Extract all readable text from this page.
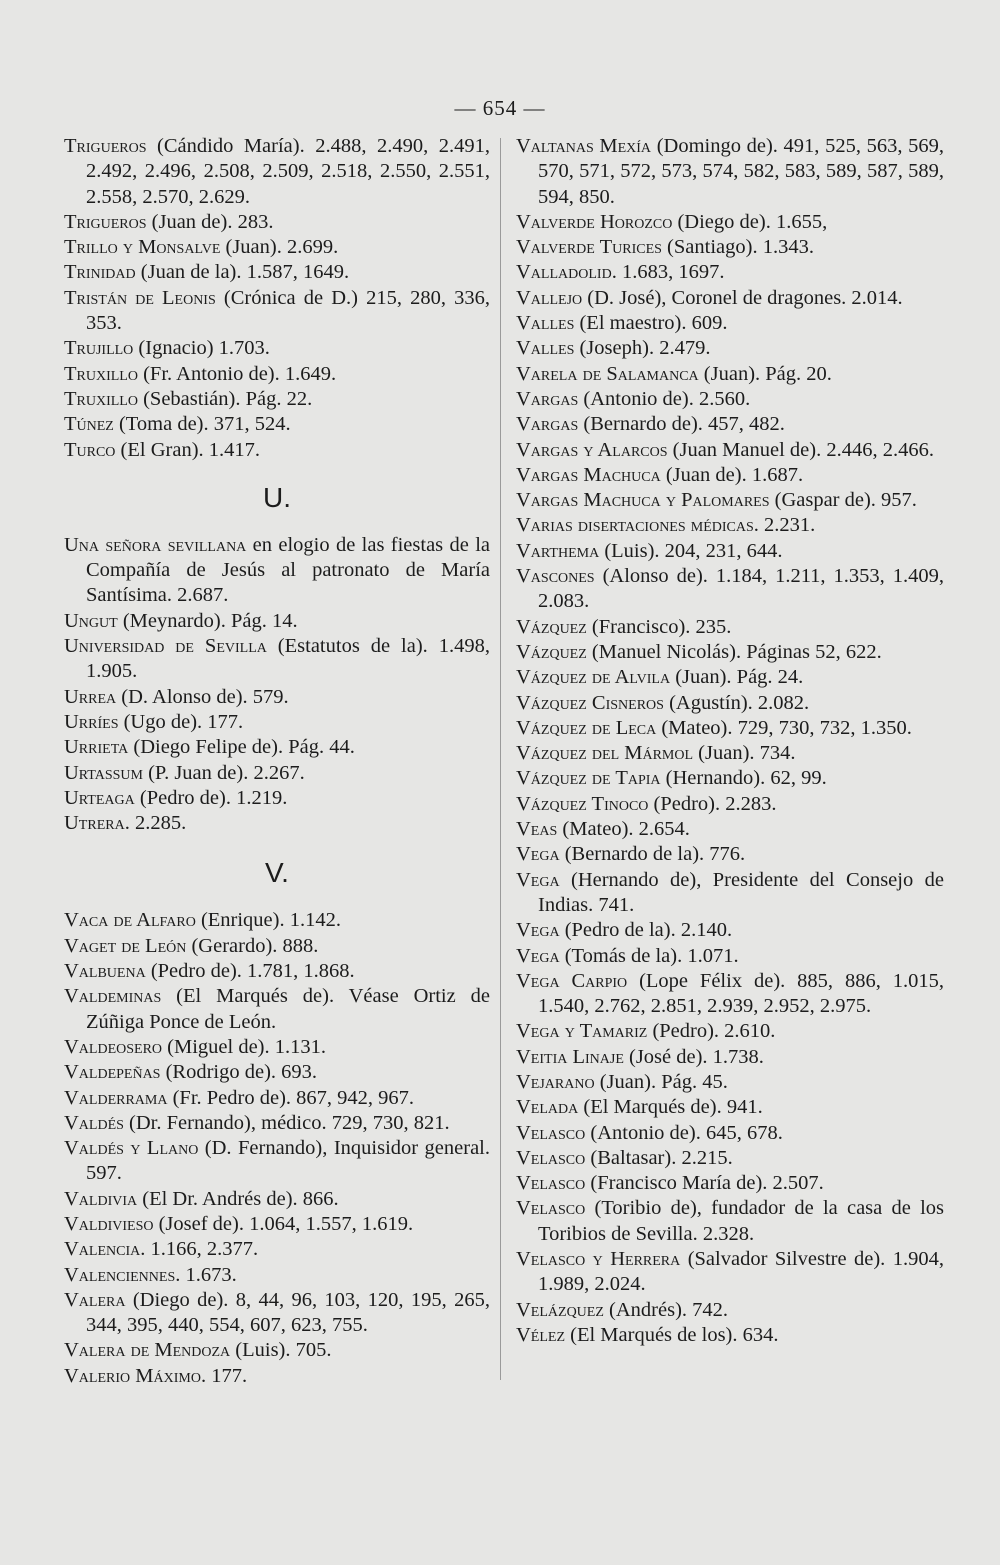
— 654 —

Trigueros (Cándido María). 2.488, 2.490, 2.491, 2.492, 2.496, 2.508, 2.509, 2.518, 2.550, 2.551, 2.558, 2.570, 2.629.

Trigueros (Juan de). 283.

Trillo y Monsalve (Juan). 2.699.

Trinidad (Juan de la). 1.587, 1649.

Tristán de Leonis (Crónica de D.) 215, 280, 336, 353.

Trujillo (Ignacio) 1.703.

Truxillo (Fr. Antonio de). 1.649.

Truxillo (Sebastián). Pág. 22.

Túnez (Toma de). 371, 524.

Turco (El Gran). 1.417.

U.

Una señora sevillana en elogio de las fiestas de la Compañía de Jesús al patronato de María Santísima. 2.687.

Ungut (Meynardo). Pág. 14.

Universidad de Sevilla (Estatutos de la). 1.498, 1.905.

Urrea (D. Alonso de). 579.

Urríes (Ugo de). 177.

Urrieta (Diego Felipe de). Pág. 44.

Urtassum (P. Juan de). 2.267.

Urteaga (Pedro de). 1.219.

Utrera. 2.285.

V.

Vaca de Alfaro (Enrique). 1.142.

Vaget de León (Gerardo). 888.

Valbuena (Pedro de). 1.781, 1.868.

Valdeminas (El Marqués de). Véase Ortiz de Zúñiga Ponce de León.

Valdeosero (Miguel de). 1.131.

Valdepeñas (Rodrigo de). 693.

Valderrama (Fr. Pedro de). 867, 942, 967.

Valdés (Dr. Fernando), médico. 729, 730, 821.

Valdés y Llano (D. Fernando), Inquisidor general. 597.

Valdivia (El Dr. Andrés de). 866.

Valdivieso (Josef de). 1.064, 1.557, 1.619.

Valencia. 1.166, 2.377.

Valenciennes. 1.673.

Valera (Diego de). 8, 44, 96, 103, 120, 195, 265, 344, 395, 440, 554, 607, 623, 755.

Valera de Mendoza (Luis). 705.

Valerio Máximo. 177.

Valtanas Mexía (Domingo de). 491, 525, 563, 569, 570, 571, 572, 573, 574, 582, 583, 589, 587, 589, 594, 850.

Valverde Horozco (Diego de). 1.655,

Valverde Turices (Santiago). 1.343.

Valladolid. 1.683, 1697.

Vallejo (D. José), Coronel de dragones. 2.014.

Valles (El maestro). 609.

Valles (Joseph). 2.479.

Varela de Salamanca (Juan). Pág. 20.

Vargas (Antonio de). 2.560.

Vargas (Bernardo de). 457, 482.

Vargas y Alarcos (Juan Manuel de). 2.446, 2.466.

Vargas Machuca (Juan de). 1.687.

Vargas Machuca y Palomares (Gaspar de). 957.

Varias disertaciones médicas. 2.231.

Varthema (Luis). 204, 231, 644.

Vascones (Alonso de). 1.184, 1.211, 1.353, 1.409, 2.083.

Vázquez (Francisco). 235.

Vázquez (Manuel Nicolás). Páginas 52, 622.

Vázquez de Alvila (Juan). Pág. 24.

Vázquez Cisneros (Agustín). 2.082.

Vázquez de Leca (Mateo). 729, 730, 732, 1.350.

Vázquez del Mármol (Juan). 734.

Vázquez de Tapia (Hernando). 62, 99.

Vázquez Tinoco (Pedro). 2.283.

Veas (Mateo). 2.654.

Vega (Bernardo de la). 776.

Vega (Hernando de), Presidente del Consejo de Indias. 741.

Vega (Pedro de la). 2.140.

Vega (Tomás de la). 1.071.

Vega Carpio (Lope Félix de). 885, 886, 1.015, 1.540, 2.762, 2.851, 2.939, 2.952, 2.975.

Vega y Tamariz (Pedro). 2.610.

Veitia Linaje (José de). 1.738.

Vejarano (Juan). Pág. 45.

Velada (El Marqués de). 941.

Velasco (Antonio de). 645, 678.

Velasco (Baltasar). 2.215.

Velasco (Francisco María de). 2.507.

Velasco (Toribio de), fundador de la casa de los Toribios de Sevilla. 2.328.

Velasco y Herrera (Salvador Silvestre de). 1.904, 1.989, 2.024.

Velázquez (Andrés). 742.

Vélez (El Marqués de los). 634.
